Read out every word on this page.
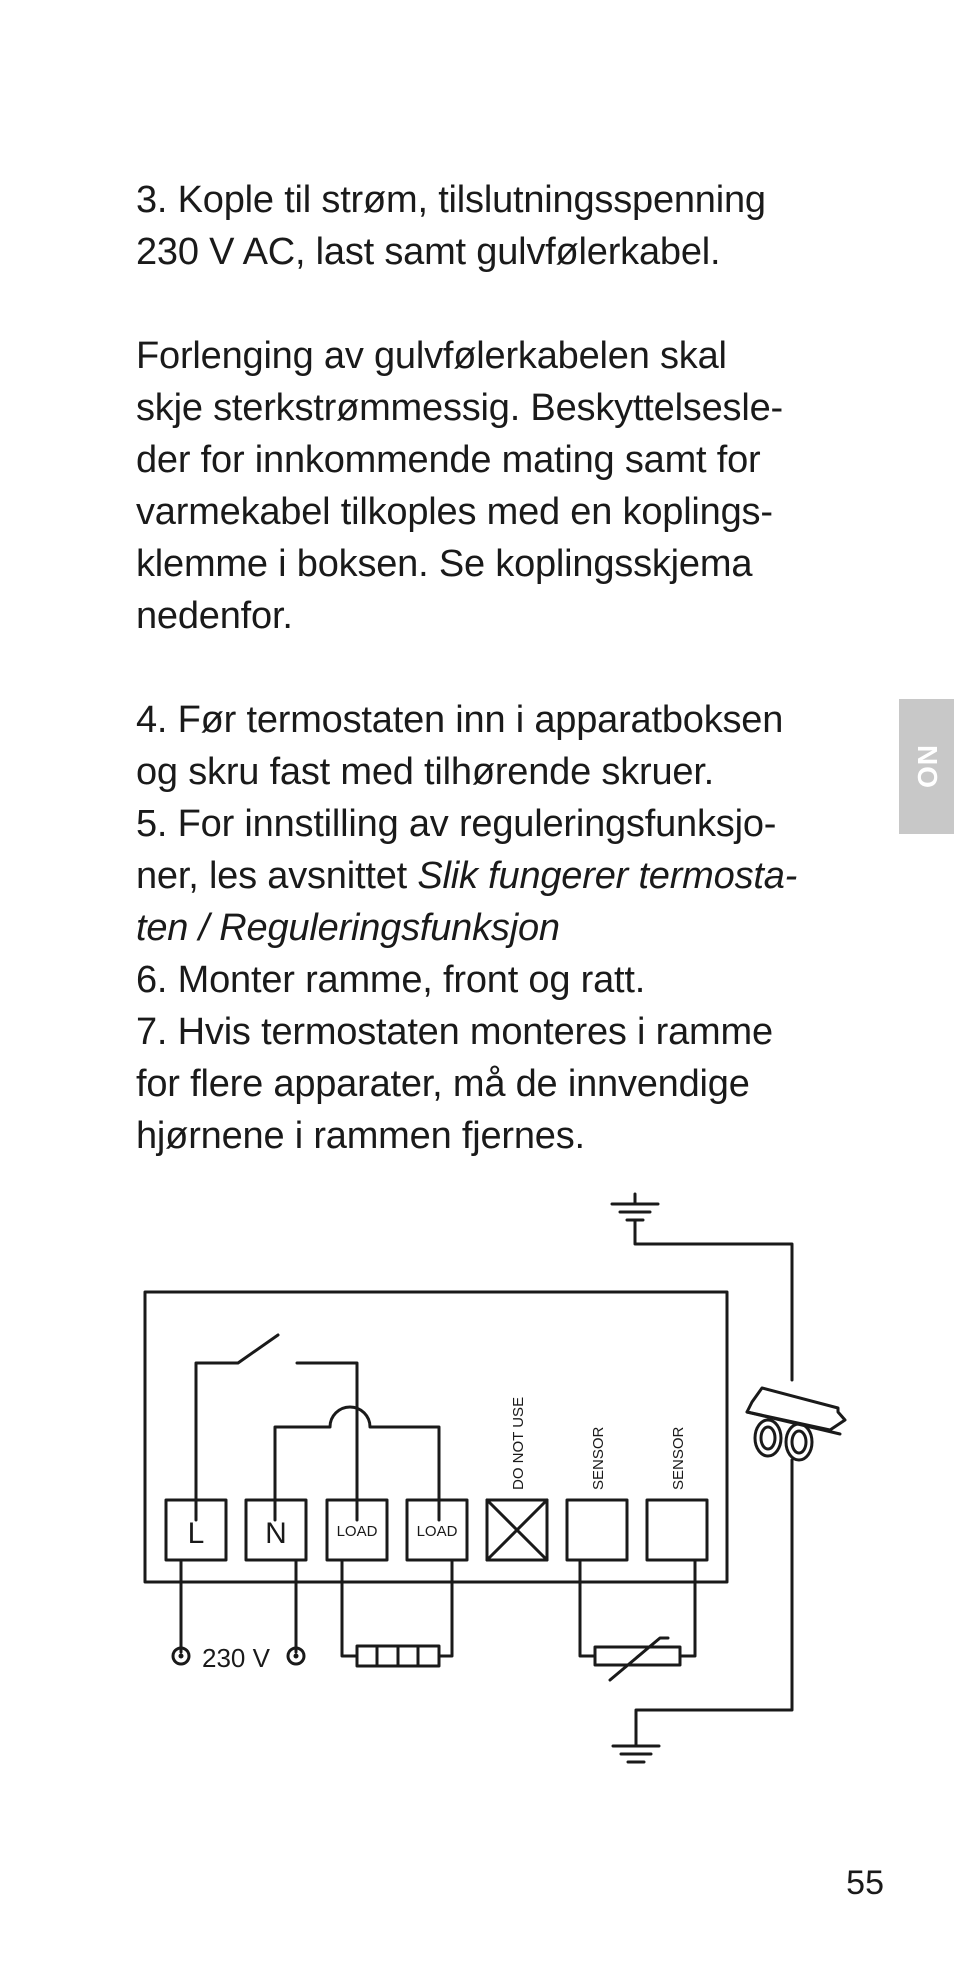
3. Kople til strøm, tilslutningsspenning
230 V AC, last samt gulvfølerkabel.
Forlenging av gulvfølerkabelen skal
skje sterkstrømmessig. Beskyttelsesle-
der for innkommende mating samt for
varmekabel tilkoples med en koplings-
klemme i boksen. Se koplingsskjema
nedenfor.
4. Før termostaten inn i apparatboksen
og skru fast med tilhørende skruer.
5. For innstilling av reguleringsfunksjo-
ner, les avsnittet Slik fungerer termosta-
ten / Reguleringsfunksjon
6. Monter ramme, front og ratt.
7. Hvis termostaten monteres i ramme
for flere apparater, må de innvendige
hjørnene i rammen fjernes.
NO
L N	LOAD	LOAD
DO NOT USE	SENSOR	SENSOR
230 V
55
